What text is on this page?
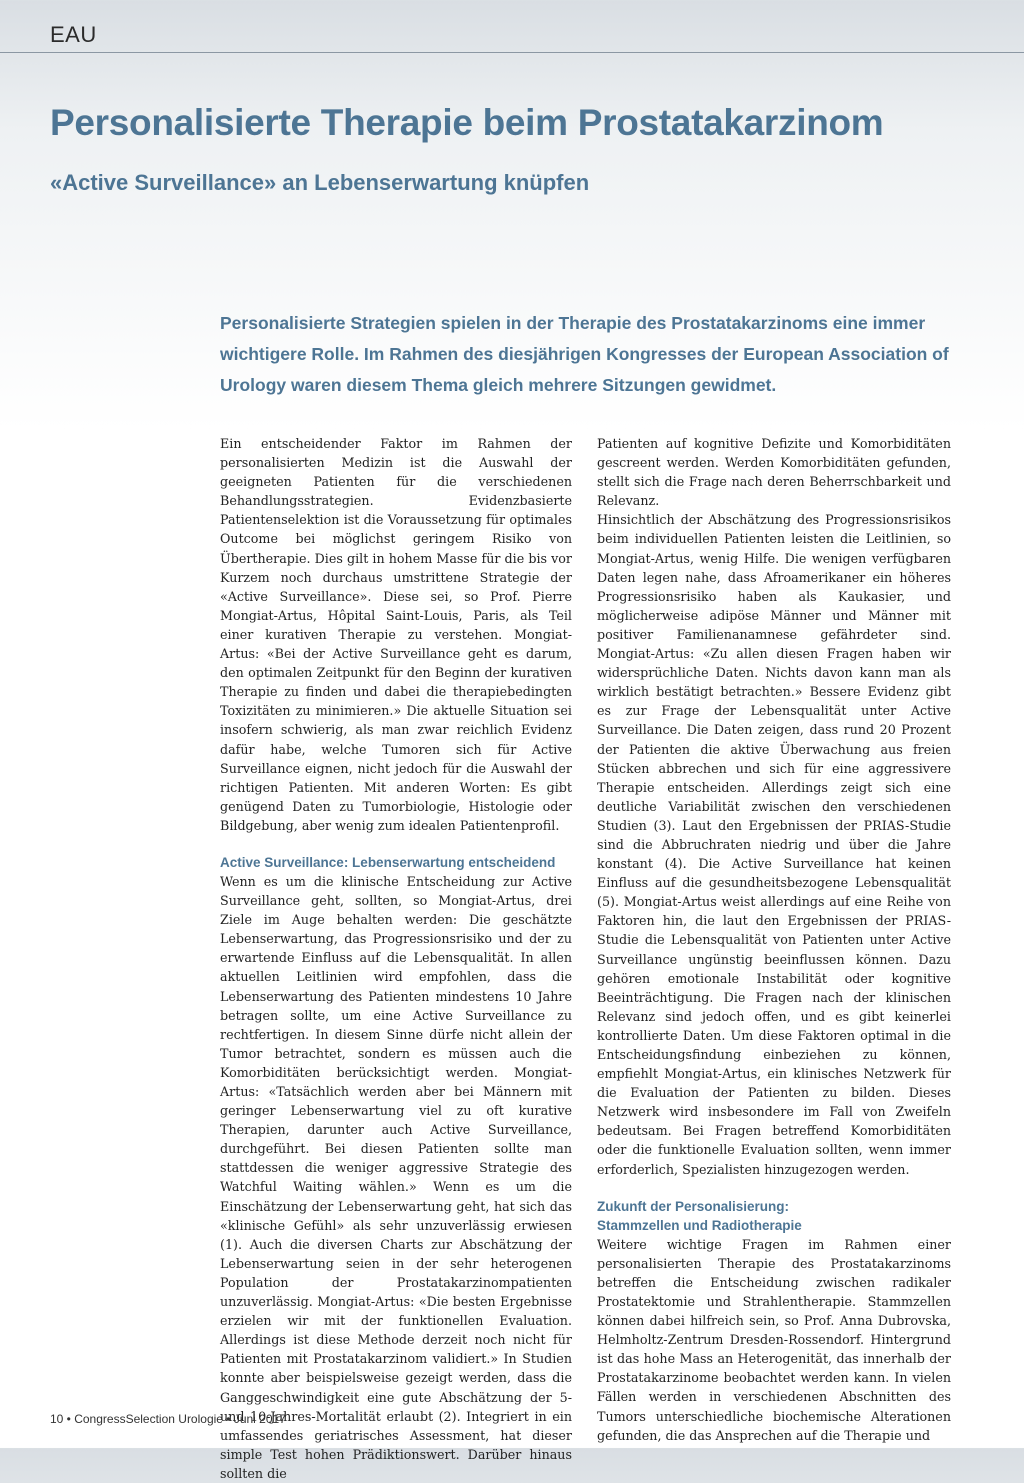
EAU
Personalisierte Therapie beim Prostatakarzinom
«Active Surveillance» an Lebenserwartung knüpfen

Personalisierte Strategien spielen in der Therapie des Prostatakarzinoms eine immer wichtigere Rolle. Im Rahmen des diesjährigen Kongresses der European Association of Urology waren diesem Thema gleich mehrere Sitzungen gewidmet.

Ein entscheidender Faktor im Rahmen der personalisierten Medizin ist die Auswahl der geeigneten Patienten für die verschiedenen Behandlungsstrategien. Evidenzbasierte Patientenselektion ist die Voraussetzung für optimales Outcome bei möglichst geringem Risiko von Übertherapie. Dies gilt in hohem Masse für die bis vor Kurzem noch durchaus umstrittene Strategie der «Active Surveillance». Diese sei, so Prof. Pierre Mongiat-Artus, Hôpital Saint-Louis, Paris, als Teil einer kurativen Therapie zu verstehen. Mongiat-Artus: «Bei der Active Surveillance geht es darum, den optimalen Zeitpunkt für den Beginn der kurativen Therapie zu finden und dabei die therapiebedingten Toxizitäten zu minimieren.» Die aktuelle Situation sei insofern schwierig, als man zwar reichlich Evidenz dafür habe, welche Tumoren sich für Active Surveillance eignen, nicht jedoch für die Auswahl der richtigen Patienten. Mit anderen Worten: Es gibt genügend Daten zu Tumorbiologie, Histologie oder Bildgebung, aber wenig zum idealen Patientenprofil.

Active Surveillance: Lebenserwartung entscheidend

Wenn es um die klinische Entscheidung zur Active Surveillance geht, sollten, so Mongiat-Artus, drei Ziele im Auge behalten werden: Die geschätzte Lebenserwartung, das Progressionsrisiko und der zu erwartende Einfluss auf die Lebensqualität. In allen aktuellen Leitlinien wird empfohlen, dass die Lebenserwartung des Patienten mindestens 10 Jahre betragen sollte, um eine Active Surveillance zu rechtfertigen. In diesem Sinne dürfe nicht allein der Tumor betrachtet, sondern es müssen auch die Komorbiditäten berücksichtigt werden. Mongiat-Artus: «Tatsächlich werden aber bei Männern mit geringer Lebenserwartung viel zu oft kurative Therapien, darunter auch Active Surveillance, durchgeführt. Bei diesen Patienten sollte man stattdessen die weniger aggressive Strategie des Watchful Waiting wählen.» Wenn es um die Einschätzung der Lebenserwartung geht, hat sich das «klinische Gefühl» als sehr unzuverlässig erwiesen (1). Auch die diversen Charts zur Abschätzung der Lebenserwartung seien in der sehr heterogenen Population der Prostatakarzinompatienten unzuverlässig. Mongiat-Artus: «Die besten Ergebnisse erzielen wir mit der funktionellen Evaluation. Allerdings ist diese Methode derzeit noch nicht für Patienten mit Prostatakarzinom validiert.» In Studien konnte aber beispielsweise gezeigt werden, dass die Ganggeschwindigkeit eine gute Abschätzung der 5- und 10-Jahres-Mortalität erlaubt (2). Integriert in ein umfassendes geriatrisches Assessment, hat dieser simple Test hohen Prädiktionswert. Darüber hinaus sollten die

Patienten auf kognitive Defizite und Komorbiditäten gescreent werden. Werden Komorbiditäten gefunden, stellt sich die Frage nach deren Beherrschbarkeit und Relevanz.

Hinsichtlich der Abschätzung des Progressionsrisikos beim individuellen Patienten leisten die Leitlinien, so Mongiat-Artus, wenig Hilfe. Die wenigen verfügbaren Daten legen nahe, dass Afroamerikaner ein höheres Progressionsrisiko haben als Kaukasier, und möglicherweise adipöse Männer und Männer mit positiver Familienanamnese gefährdeter sind. Mongiat-Artus: «Zu allen diesen Fragen haben wir widersprüchliche Daten. Nichts davon kann man als wirklich bestätigt betrachten.» Bessere Evidenz gibt es zur Frage der Lebensqualität unter Active Surveillance. Die Daten zeigen, dass rund 20 Prozent der Patienten die aktive Überwachung aus freien Stücken abbrechen und sich für eine aggressivere Therapie entscheiden. Allerdings zeigt sich eine deutliche Variabilität zwischen den verschiedenen Studien (3). Laut den Ergebnissen der PRIAS-Studie sind die Abbruchraten niedrig und über die Jahre konstant (4). Die Active Surveillance hat keinen Einfluss auf die gesundheitsbezogene Lebensqualität (5). Mongiat-Artus weist allerdings auf eine Reihe von Faktoren hin, die laut den Ergebnissen der PRIAS-Studie die Lebensqualität von Patienten unter Active Surveillance ungünstig beeinflussen können. Dazu gehören emotionale Instabilität oder kognitive Beeinträchtigung. Die Fragen nach der klinischen Relevanz sind jedoch offen, und es gibt keinerlei kontrollierte Daten. Um diese Faktoren optimal in die Entscheidungsfindung einbeziehen zu können, empfiehlt Mongiat-Artus, ein klinisches Netzwerk für die Evaluation der Patienten zu bilden. Dieses Netzwerk wird insbesondere im Fall von Zweifeln bedeutsam. Bei Fragen betreffend Komorbiditäten oder die funktionelle Evaluation sollten, wenn immer erforderlich, Spezialisten hinzugezogen werden.

Zukunft der Personalisierung:
Stammzellen und Radiotherapie

Weitere wichtige Fragen im Rahmen einer personalisierten Therapie des Prostatakarzinoms betreffen die Entscheidung zwischen radikaler Prostatektomie und Strahlentherapie. Stammzellen können dabei hilfreich sein, so Prof. Anna Dubrovska, Helmholtz-Zentrum Dresden-Rossendorf. Hintergrund ist das hohe Mass an Heterogenität, das innerhalb der Prostatakarzinome beobachtet werden kann. In vielen Fällen werden in verschiedenen Abschnitten des Tumors unterschiedliche biochemische Alterationen gefunden, die das Ansprechen auf die Therapie und

10 • CongressSelection Urologie • Juni 2017
